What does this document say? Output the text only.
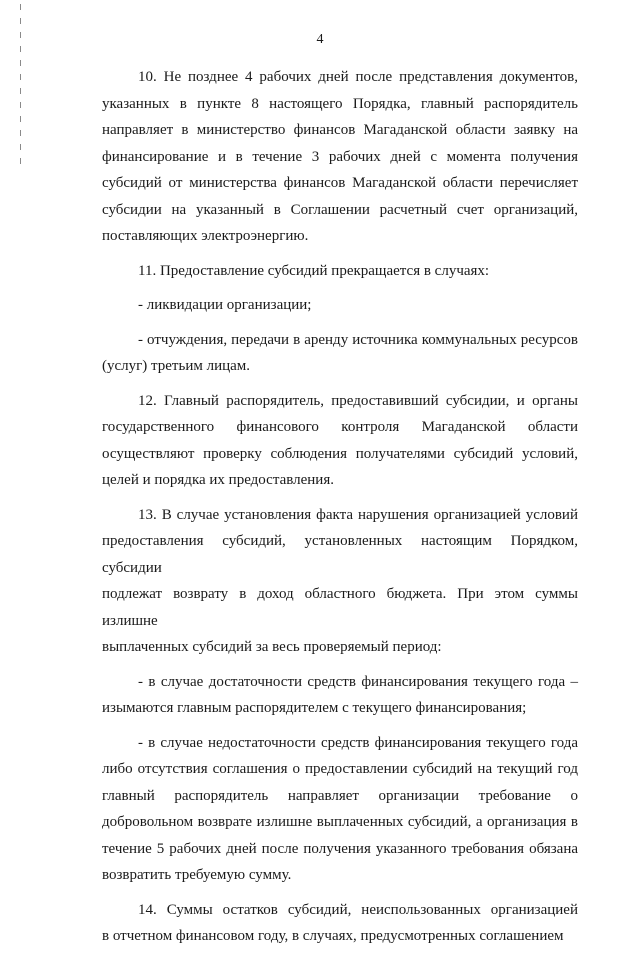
4

10. Не позднее 4 рабочих дней после представления документов,
указанных в пункте 8 настоящего Порядка, главный распорядитель
направляет в министерство финансов Магаданской области заявку на
финансирование и в течение 3 рабочих дней с момента получения
субсидий от министерства финансов Магаданской области перечисляет
субсидии на указанный в Соглашении расчетный счет организаций,
поставляющих электроэнергию.

11. Предоставление субсидий прекращается в случаях:

- ликвидации организации;

- отчуждения, передачи в аренду источника коммунальных ресурсов
(услуг) третьим лицам.

12. Главный распорядитель, предоставивший субсидии, и органы
государственного финансового контроля Магаданской области
осуществляют проверку соблюдения получателями субсидий условий,
целей и порядка их предоставления.

13. В случае установления факта нарушения организацией условий
предоставления субсидий, установленных настоящим Порядком, субсидии
подлежат возврату в доход областного бюджета. При этом суммы излишне
выплаченных субсидий за весь проверяемый период:

- в случае достаточности средств финансирования текущего года –
изымаются главным распорядителем с текущего финансирования;

- в случае недостаточности средств финансирования текущего года
либо отсутствия соглашения о предоставлении субсидий на текущий год
главный распорядитель направляет организации требование о
добровольном возврате излишне выплаченных субсидий, а организация в
течение 5 рабочих дней после получения указанного требования обязана
возвратить требуемую сумму.

14. Суммы остатков субсидий, неиспользованных организацией
в отчетном финансовом году, в случаях, предусмотренных соглашением
